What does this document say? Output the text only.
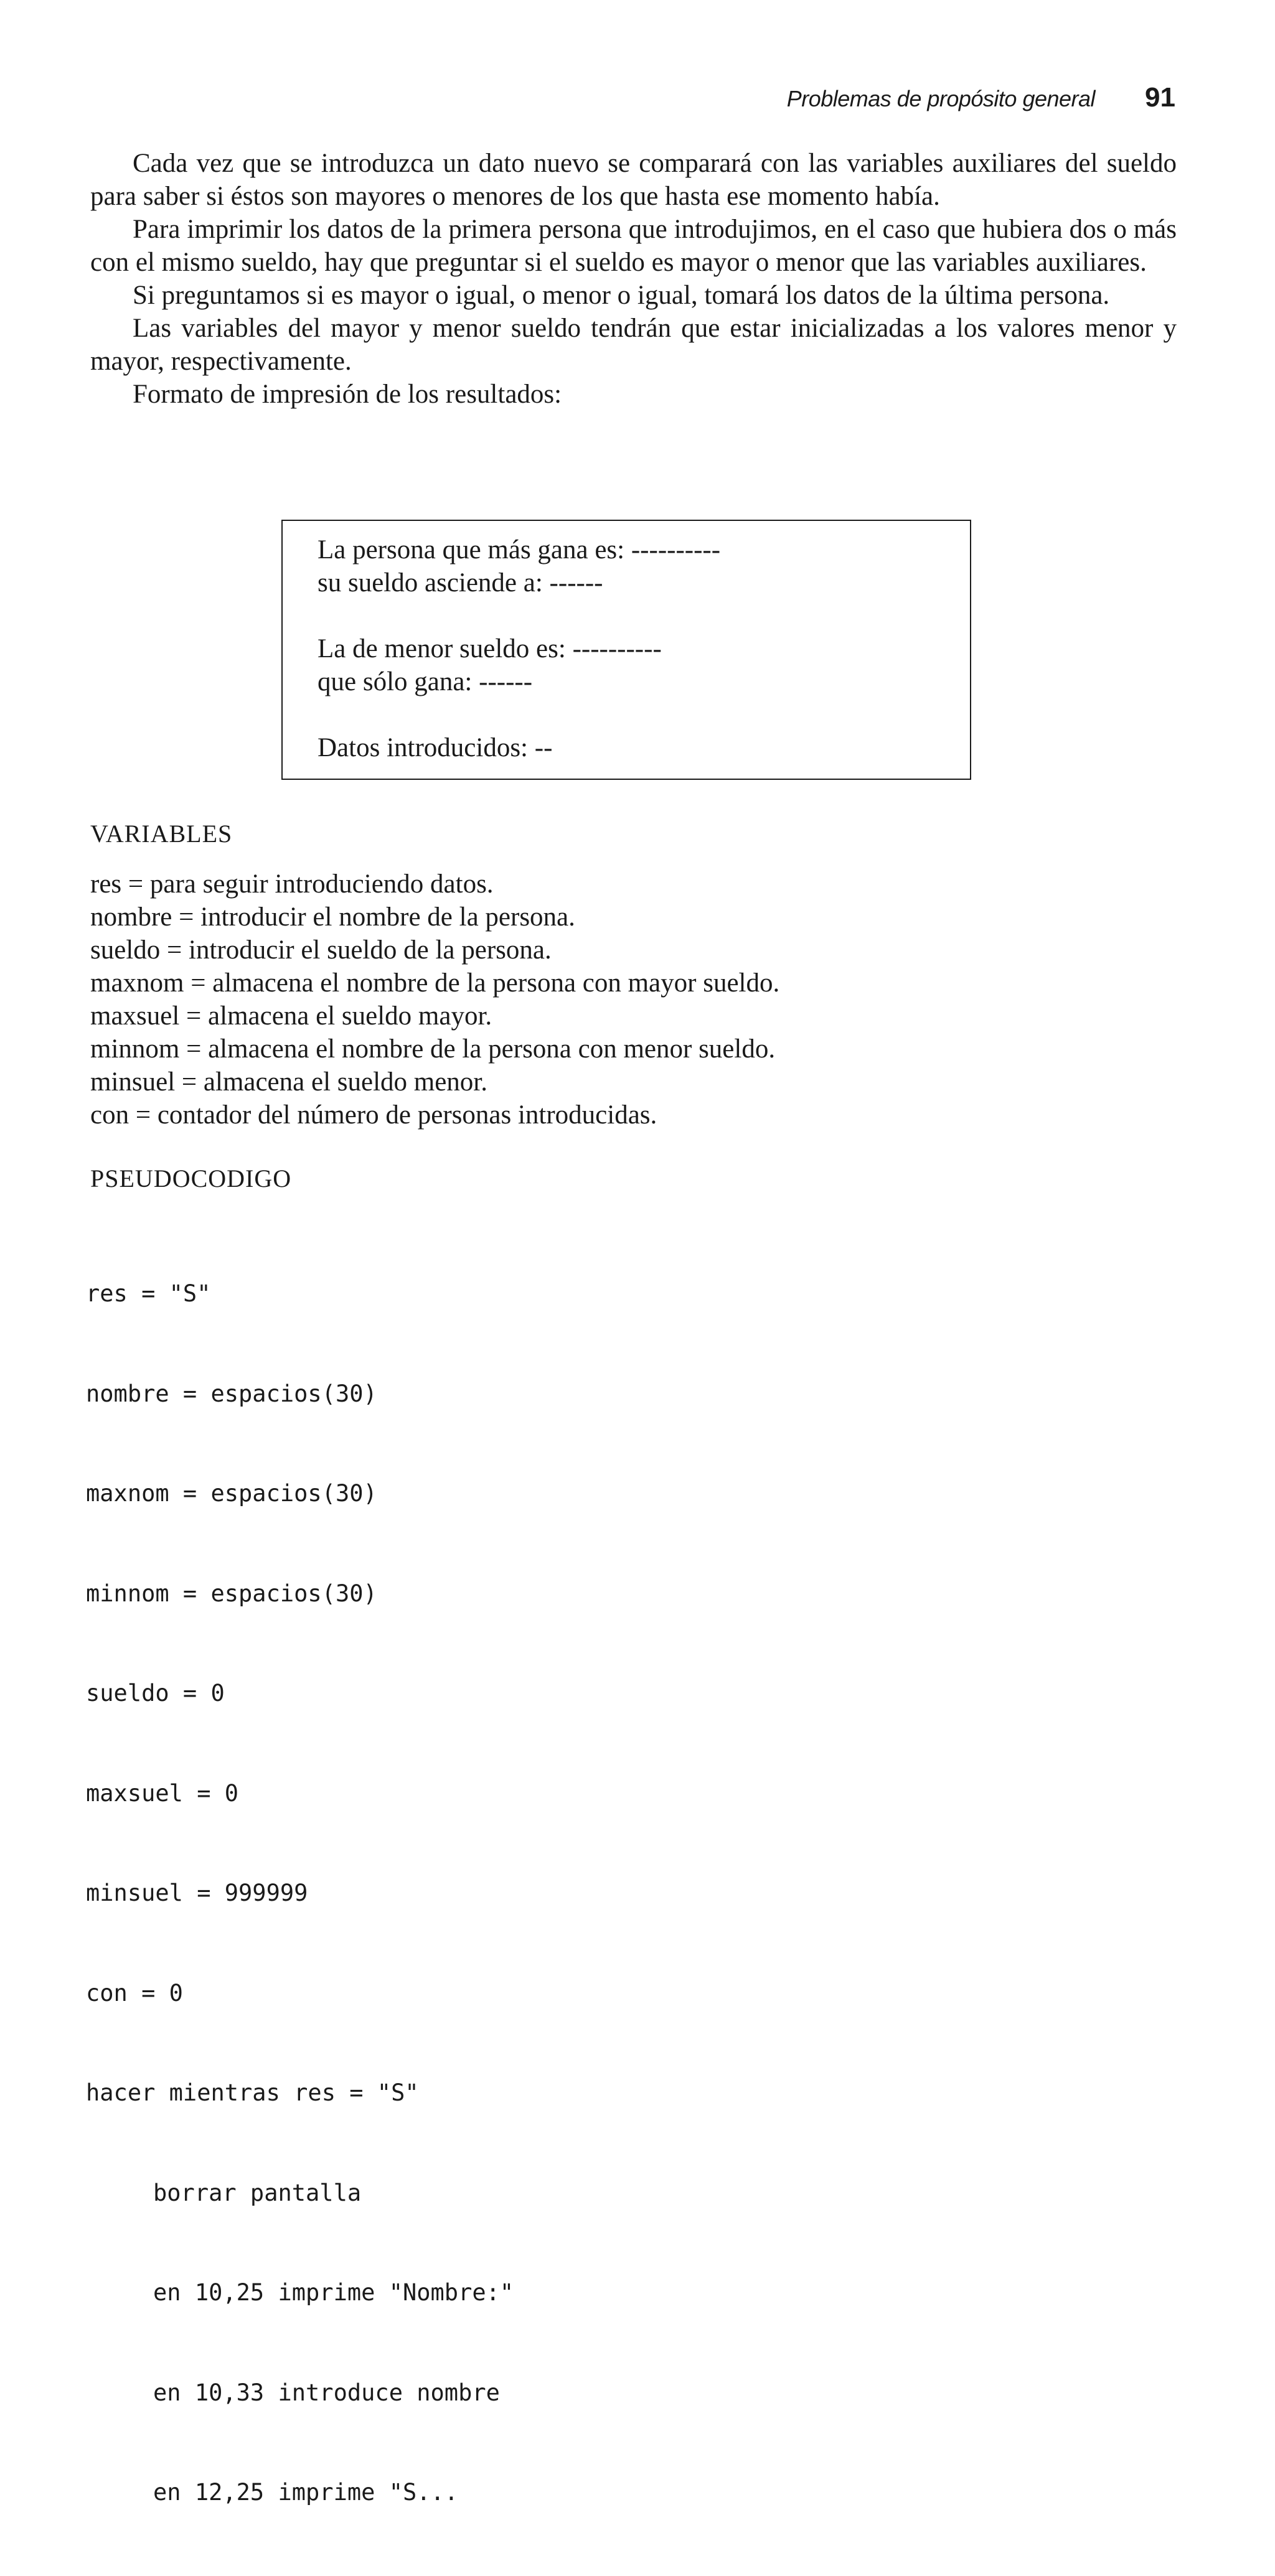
Problemas de propósito general 91

Cada vez que se introduzca un dato nuevo se comparará con las variables auxiliares del sueldo para saber si éstos son mayores o menores de los que hasta ese momento había.

Para imprimir los datos de la primera persona que introdujimos, en el caso que hubiera dos o más con el mismo sueldo, hay que preguntar si el sueldo es mayor o menor que las variables auxiliares.

Si preguntamos si es mayor o igual, o menor o igual, tomará los datos de la última persona.

Las variables del mayor y menor sueldo tendrán que estar inicializadas a los valores menor y mayor, respectivamente.

Formato de impresión de los resultados:

La persona que más gana es: ----------
su sueldo asciende a: ------
La de menor sueldo es: ----------
que sólo gana: ------
Datos introducidos: --
VARIABLES
res = para seguir introduciendo datos.
nombre = introducir el nombre de la persona.
sueldo = introducir el sueldo de la persona.
maxnom = almacena el nombre de la persona con mayor sueldo.
maxsuel = almacena el sueldo mayor.
minnom = almacena el nombre de la persona con menor sueldo.
minsuel = almacena el sueldo menor.
con = contador del número de personas introducidas.
PSEUDOCODIGO

res = "S"

nombre = espacios(30)

maxnom = espacios(30)

minnom = espacios(30)

sueldo = 0

maxsuel = 0

minsuel = 999999

con = 0

hacer mientras res = "S"

borrar pantalla

en 10,25 imprime "Nombre:"

en 10,33 introduce nombre

en 12,25 imprime "S...
